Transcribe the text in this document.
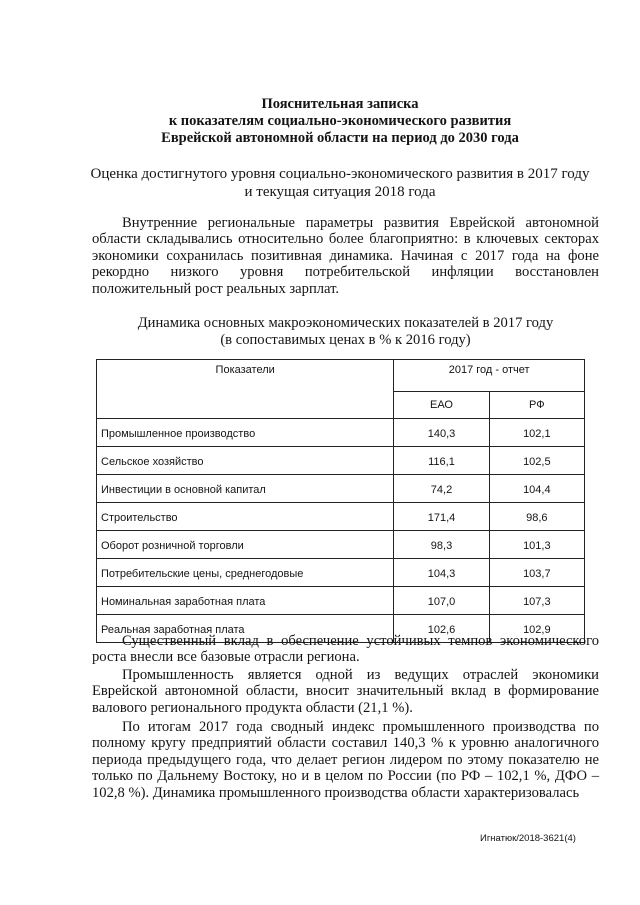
Пояснительная записка
к показателям социально-экономического развития
Еврейской автономной области на период до 2030 года
Оценка достигнутого уровня социально-экономического развития в 2017 году
и текущая ситуация 2018 года
Внутренние региональные параметры развития Еврейской автономной области складывались относительно более благоприятно: в ключевых секторах экономики сохранилась позитивная динамика. Начиная с 2017 года на фоне рекордно низкого уровня потребительской инфляции восстановлен положительный рост реальных зарплат.
Динамика основных макроэкономических показателей в 2017 году
(в сопоставимых ценах в % к 2016 году)
Показатели	2017 год - отчет	
	ЕАО	РФ
Промышленное производство	140,3	102,1
Сельское хозяйство	116,1	102,5
Инвестиции в основной капитал	74,2	104,4
Строительство	171,4	98,6
Оборот розничной торговли	98,3	101,3
Потребительские цены, среднегодовые	104,3	103,7
Номинальная заработная плата	107,0	107,3
Реальная заработная плата	102,6	102,9
Существенный вклад в обеспечение устойчивых темпов экономического роста внесли все базовые отрасли региона.
Промышленность является одной из ведущих отраслей экономики Еврейской автономной области, вносит значительный вклад в формирование валового регионального продукта области (21,1 %).
По итогам 2017 года сводный индекс промышленного производства по полному кругу предприятий области составил 140,3 % к уровню аналогичного периода предыдущего года, что делает регион лидером по этому показателю не только по Дальнему Востоку, но и в целом по России (по РФ – 102,1 %, ДФО – 102,8 %). Динамика промышленного производства области характеризовалась
Игнатюк/2018-3621(4)
